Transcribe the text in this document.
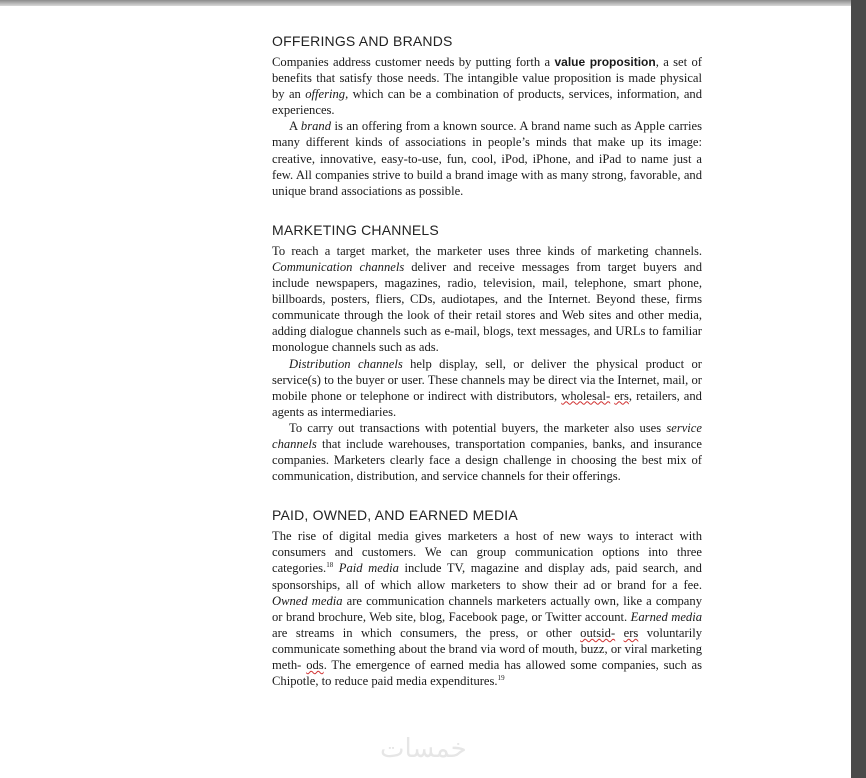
OFFERINGS AND BRANDS

Companies address customer needs by putting forth a value proposition, a set of benefits that satisfy those needs. The intangible value proposition is made physical by an offering, which can be a combination of products, services, information, and experiences.

A brand is an offering from a known source. A brand name such as Apple carries many different kinds of associations in people’s minds that make up its image: creative, innovative, easy-to-use, fun, cool, iPod, iPhone, and iPad to name just a few. All companies strive to build a brand image with as many strong, favorable, and unique brand associations as possible.

MARKETING CHANNELS

To reach a target market, the marketer uses three kinds of marketing channels. Communication channels deliver and receive messages from target buyers and include newspapers, magazines, radio, television, mail, telephone, smart phone, billboards, posters, fliers, CDs, audiotapes, and the Internet. Beyond these, firms communicate through the look of their retail stores and Web sites and other media, adding dialogue channels such as e-mail, blogs, text messages, and URLs to familiar monologue channels such as ads.

Distribution channels help display, sell, or deliver the physical product or service(s) to the buyer or user. These channels may be direct via the Internet, mail, or mobile phone or telephone or indirect with distributors, wholesal- ers, retailers, and agents as intermediaries.

To carry out transactions with potential buyers, the marketer also uses service channels that include warehouses, transportation companies, banks, and insurance companies. Marketers clearly face a design challenge in choosing the best mix of communication, distribution, and service channels for their offerings.

PAID, OWNED, AND EARNED MEDIA

The rise of digital media gives marketers a host of new ways to interact with consumers and customers. We can group communication options into three categories.$^{18}$ Paid media include TV, magazine and display ads, paid search, and sponsorships, all of which allow marketers to show their ad or brand for a fee. Owned media are communication channels marketers actually own, like a company or brand brochure, Web site, blog, Facebook page, or Twitter account. Earned media are streams in which consumers, the press, or other outsid- ers voluntarily communicate something about the brand via word of mouth, buzz, or viral marketing meth- ods. The emergence of earned media has allowed some companies, such as Chipotle, to reduce paid media expenditures.$^{19}$

خمسات
